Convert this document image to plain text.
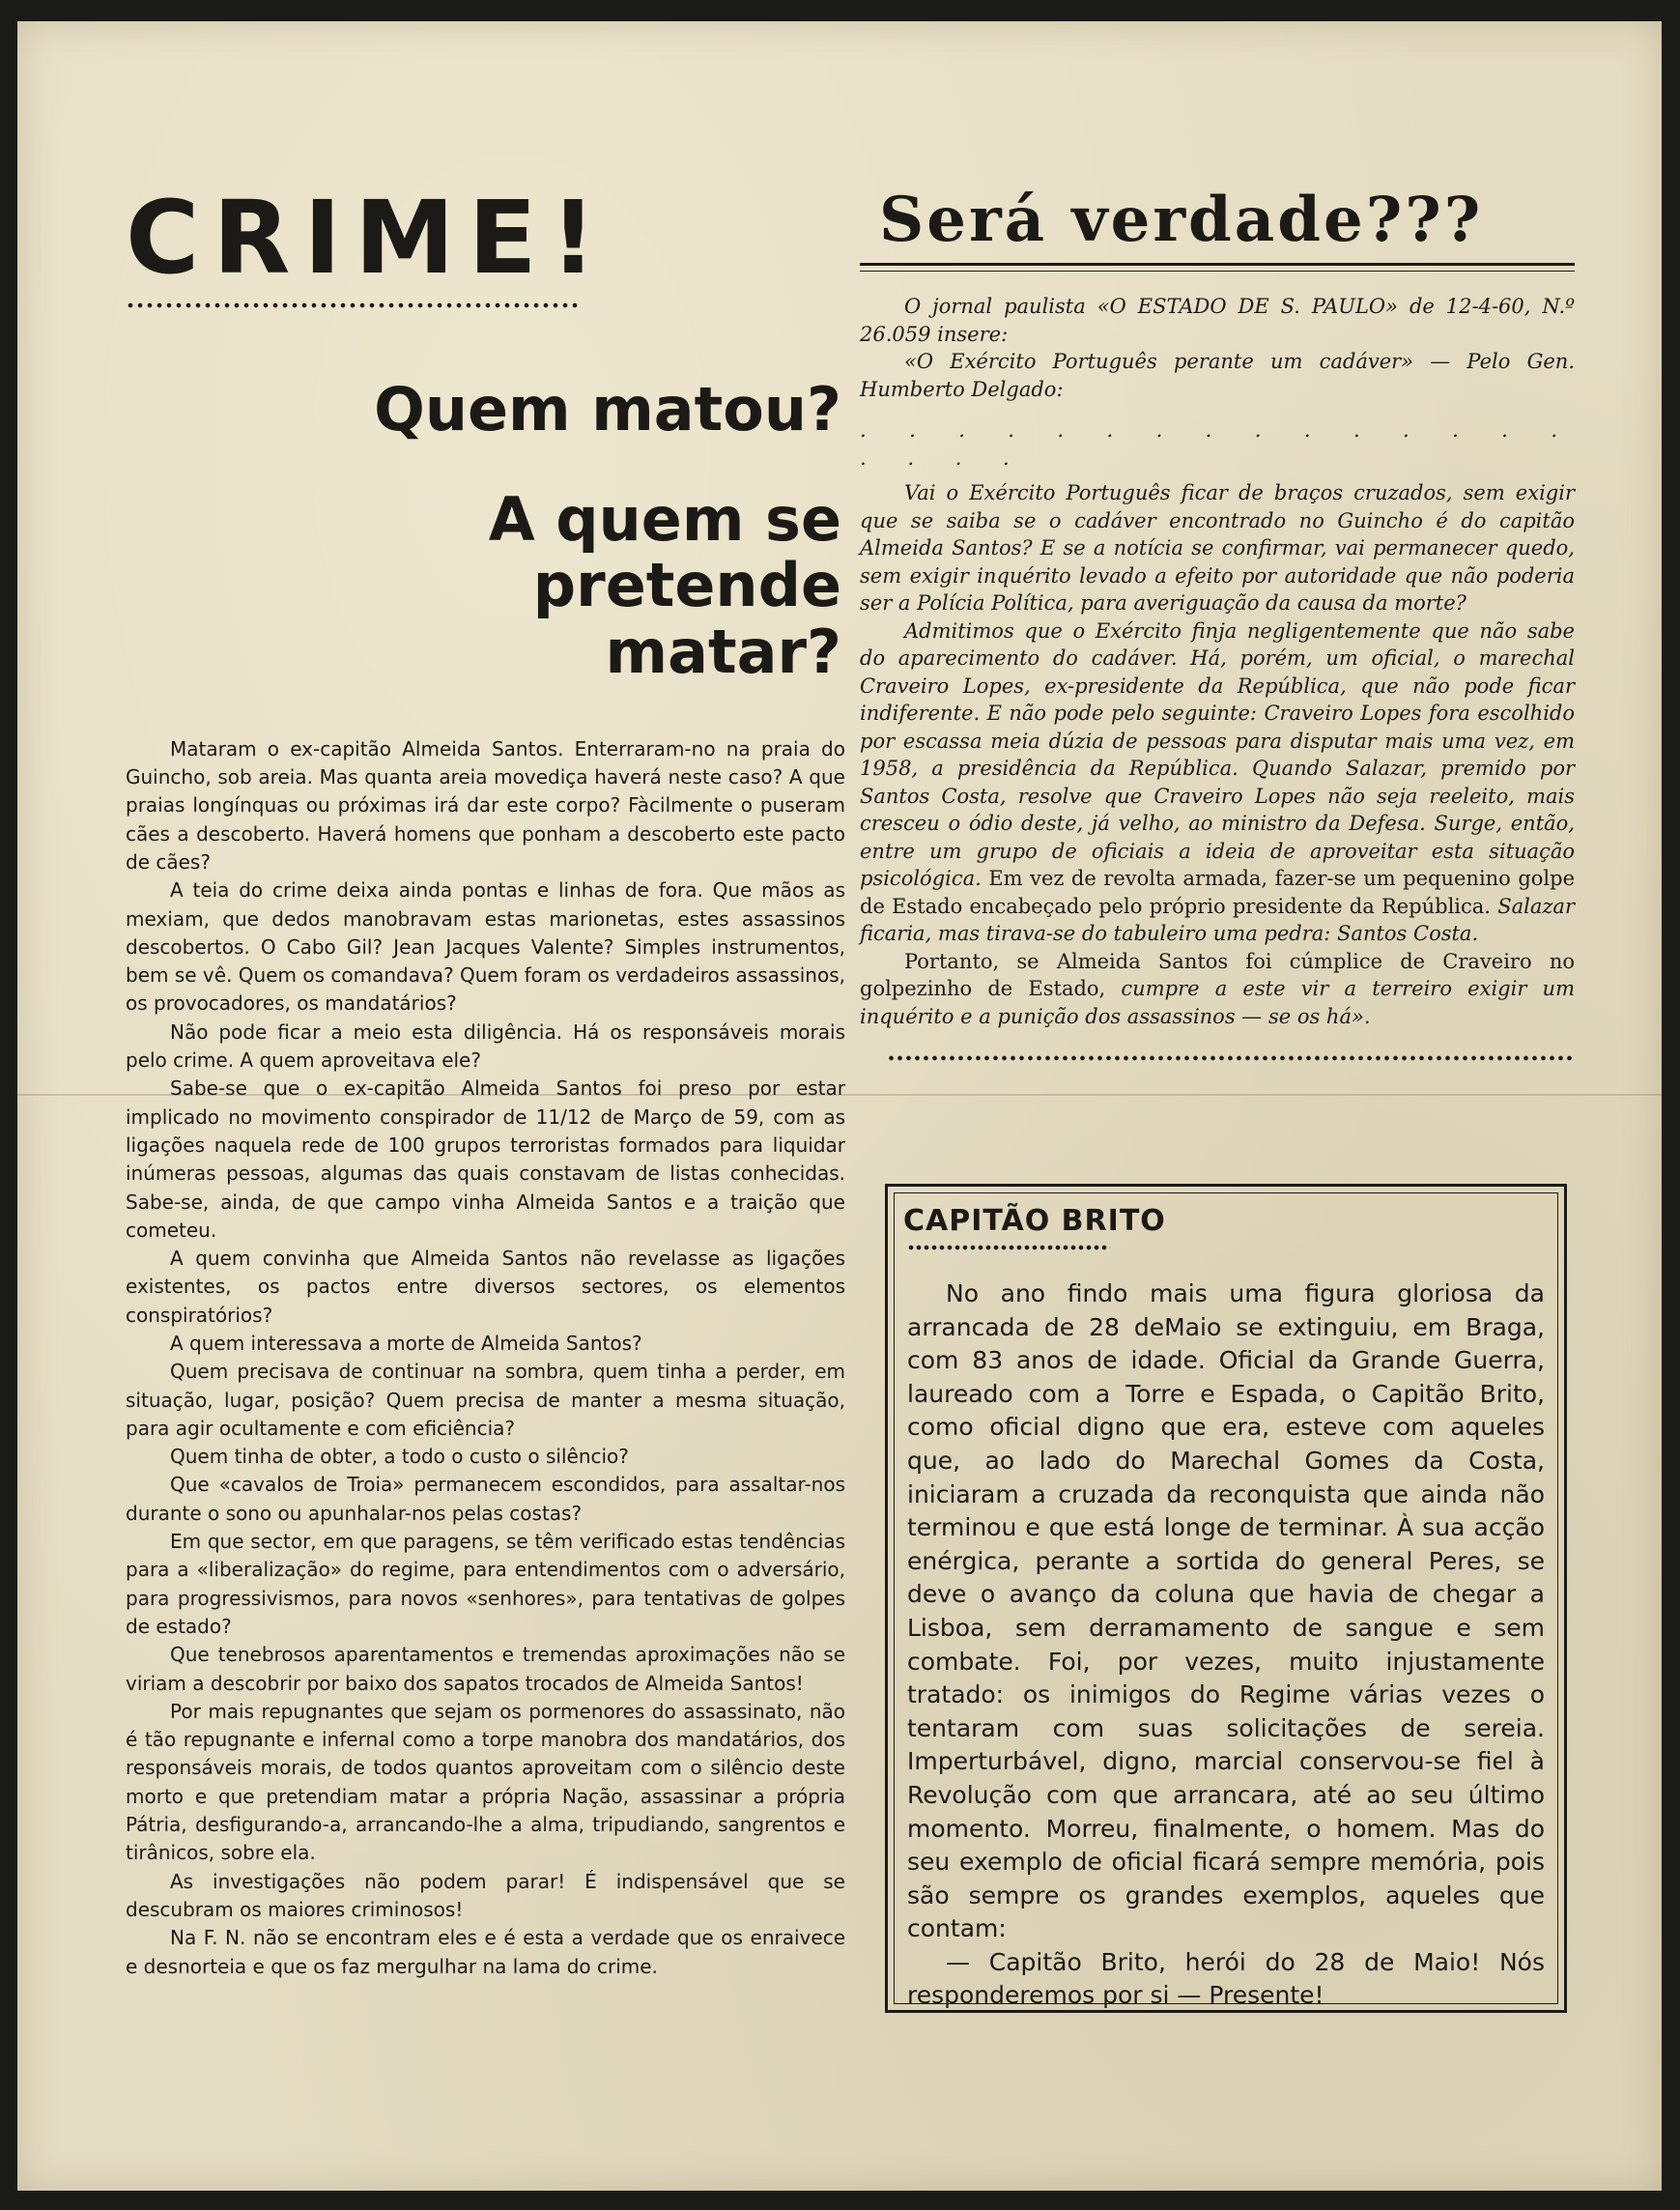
CRIME!
Quem matou?
A quem se pretende matar?

Mataram o ex-capitão Almeida Santos. Enterraram-no na praia do Guincho, sob areia. Mas quanta areia movediça haverá neste caso? A que praias longínquas ou próximas irá dar este corpo? Fàcilmente o puseram cães a descoberto. Haverá homens que ponham a descoberto este pacto de cães?

A teia do crime deixa ainda pontas e linhas de fora. Que mãos as mexiam, que dedos manobravam estas marionetas, estes assassinos descobertos. O Cabo Gil? Jean Jacques Valente? Simples instrumentos, bem se vê. Quem os comandava? Quem foram os verdadeiros assassinos, os provocadores, os mandatários?

Não pode ficar a meio esta diligência. Há os responsáveis morais pelo crime. A quem aproveitava ele?

Sabe-se que o ex-capitão Almeida Santos foi preso por estar implicado no movimento conspirador de 11/12 de Março de 59, com as ligações naquela rede de 100 grupos terroristas formados para liquidar inúmeras pessoas, algumas das quais constavam de listas conhecidas. Sabe-se, ainda, de que campo vinha Almeida Santos e a traição que cometeu.

A quem convinha que Almeida Santos não revelasse as ligações existentes, os pactos entre diversos sectores, os elementos conspiratórios?

A quem interessava a morte de Almeida Santos?

Quem precisava de continuar na sombra, quem tinha a perder, em situação, lugar, posição? Quem precisa de manter a mesma situação, para agir ocultamente e com eficiência?

Quem tinha de obter, a todo o custo o silêncio?

Que «cavalos de Troia» permanecem escondidos, para assaltar-nos durante o sono ou apunhalar-nos pelas costas?

Em que sector, em que paragens, se têm verificado estas tendências para a «liberalização» do regime, para entendimentos com o adversário, para progressivismos, para novos «senhores», para tentativas de golpes de estado?

Que tenebrosos aparentamentos e tremendas aproximações não se viriam a descobrir por baixo dos sapatos trocados de Almeida Santos!

Por mais repugnantes que sejam os pormenores do assassinato, não é tão repugnante e infernal como a torpe manobra dos mandatários, dos responsáveis morais, de todos quantos aproveitam com o silêncio deste morto e que pretendiam matar a própria Nação, assassinar a própria Pátria, desfigurando-a, arrancando-lhe a alma, tripudiando, sangrentos e tirânicos, sobre ela.

As investigações não podem parar! É indispensável que se descubram os maiores criminosos!

Na F. N. não se encontram eles e é esta a verdade que os enraivece e desnorteia e que os faz mergulhar na lama do crime.

Será verdade???

O jornal paulista «O ESTADO DE S. PAULO» de 12-4-60, N.º 26.059 insere:

«O Exército Português perante um cadáver» — Pelo Gen. Humberto Delgado:

. . . . . . . . . . . . . . . . . . .

Vai o Exército Português ficar de braços cruzados, sem exigir que se saiba se o cadáver encontrado no Guincho é do capitão Almeida Santos? E se a notícia se confirmar, vai permanecer quedo, sem exigir inquérito levado a efeito por autoridade que não poderia ser a Polícia Política, para averiguação da causa da morte?

Admitimos que o Exército finja negligentemente que não sabe do aparecimento do cadáver. Há, porém, um oficial, o marechal Craveiro Lopes, ex-presidente da República, que não pode ficar indiferente. E não pode pelo seguinte: Craveiro Lopes fora escolhido por escassa meia dúzia de pessoas para disputar mais uma vez, em 1958, a presidência da República. Quando Salazar, premido por Santos Costa, resolve que Craveiro Lopes não seja reeleito, mais cresceu o ódio deste, já velho, ao ministro da Defesa. Surge, então, entre um grupo de oficiais a ideia de aproveitar esta situação psicológica. Em vez de revolta armada, fazer-se um pequenino golpe de Estado encabeçado pelo próprio presidente da República. Salazar ficaria, mas tirava-se do tabuleiro uma pedra: Santos Costa.

Portanto, se Almeida Santos foi cúmplice de Craveiro no golpezinho de Estado, cumpre a este vir a terreiro exigir um inquérito e a punição dos assassinos — se os há».

CAPITÃO BRITO

No ano findo mais uma figura gloriosa da arrancada de 28 deMaio se extinguiu, em Braga, com 83 anos de idade. Oficial da Grande Guerra, laureado com a Torre e Espada, o Capitão Brito, como oficial digno que era, esteve com aqueles que, ao lado do Marechal Gomes da Costa, iniciaram a cruzada da reconquista que ainda não terminou e que está longe de terminar. À sua acção enérgica, perante a sortida do general Peres, se deve o avanço da coluna que havia de chegar a Lisboa, sem derramamento de sangue e sem combate. Foi, por vezes, muito injustamente tratado: os inimigos do Regime várias vezes o tentaram com suas solicitações de sereia. Imperturbável, digno, marcial conservou-se fiel à Revolução com que arrancara, até ao seu último momento. Morreu, finalmente, o homem. Mas do seu exemplo de oficial ficará sempre memória, pois são sempre os grandes exemplos, aqueles que contam:

— Capitão Brito, herói do 28 de Maio! Nós responderemos por si — Presente!
